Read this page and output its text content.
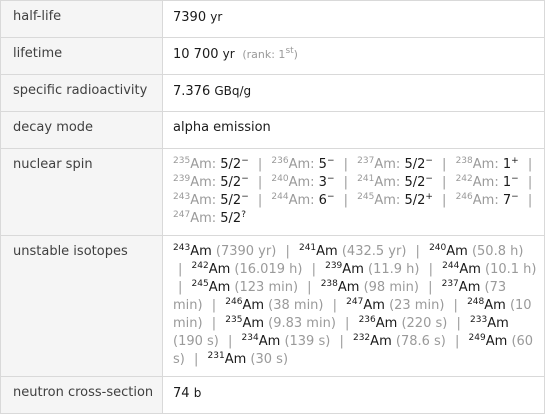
half-life	7390 yr
lifetime	10 700 yr (rank: 1st)
specific radioactivity	7.376 GBq/g
decay mode	alpha emission
nuclear spin	$^{235}$Am: 5/2− | $^{236}$Am: 5− | $^{237}$Am: 5/2− | $^{238}$Am: 1+ | $^{239}$Am: 5/2− | $^{240}$Am: 3− | $^{241}$Am: 5/2− | $^{242}$Am: 1− | $^{243}$Am: 5/2− | $^{244}$Am: 6− | $^{245}$Am: 5/2+ | $^{246}$Am: 7− | $^{247}$Am: 5/2?
unstable isotopes	$^{243}$Am (7390 yr) | $^{241}$Am (432.5 yr) | $^{240}$Am (50.8 h) | $^{242}$Am (16.019 h) | $^{239}$Am (11.9 h) | $^{244}$Am (10.1 h) | $^{245}$Am (123 min) | $^{238}$Am (98 min) | $^{237}$Am (73 min) | $^{246}$Am (38 min) | $^{247}$Am (23 min) | $^{248}$Am (10 min) | $^{235}$Am (9.83 min) | $^{236}$Am (220 s) | $^{233}$Am (190 s) | $^{234}$Am (139 s) | $^{232}$Am (78.6 s) | $^{249}$Am (60 s) | $^{231}$Am (30 s)
neutron cross-section	74 b
